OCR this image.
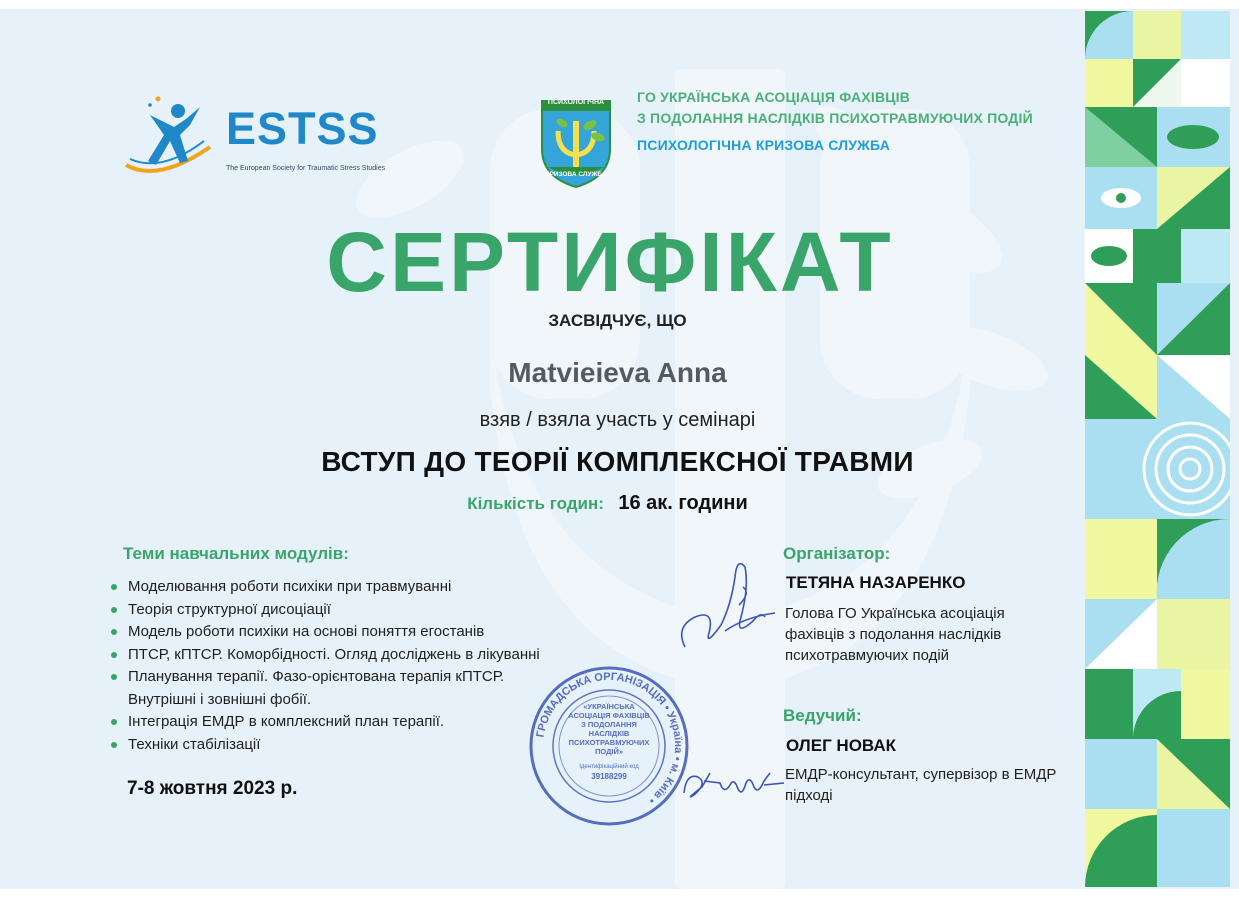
ESTSS
The European Society for Traumatic Stress Studies
ПСИХОЛОГІЧНА
КРИЗОВА СЛУЖБА
ГО УКРАЇНСЬКА АСОЦІАЦІЯ ФАХІВЦІВ
З ПОДОЛАННЯ НАСЛІДКІВ ПСИХОТРАВМУЮЧИХ ПОДІЙ
ПСИХОЛОГІЧНА КРИЗОВА СЛУЖБА
СЕРТИФІКАТ
ЗАСВІДЧУЄ, ЩО
Matvieieva Anna
взяв / взяла участь у семінарі
ВСТУП ДО ТЕОРІЇ КОМПЛЕКСНОЇ ТРАВМИ
Кількість годин: 16 ак. години
Теми навчальних модулів:
Моделювання роботи психіки при травмуванні
Теорія структурної дисоціації
Модель роботи психіки на основі поняття егостанів
ПТСР, кПТСР. Коморбідності. Огляд досліджень в лікуванні
Планування терапії. Фазо-орієнтована терапія кПТСР.
Внутрішні і зовнішні фобії.
Інтеграція ЕМДР в комплексний план терапії.
Техніки стабілізації
7-8 жовтня 2023 р.
Організатор:
ТЕТЯНА НАЗАРЕНКО
Голова ГО Українська асоціація фахівців з подолання наслідків психотравмуючих подій
Ведучий:
ОЛЕГ НОВАК
ЕМДР-консультант, супервізор в ЕМДР підході
ГРОМАДСЬКА ОРГАНІЗАЦІЯ • Україна • м. Київ •
«УКРАЇНСЬКА АСОЦІАЦІЯ ФАХІВЦІВ З ПОДОЛАННЯ НАСЛІДКІВ ПСИХОТРАВМУЮЧИХ ПОДІЙ»
Ідентифікаційний код
39188299
